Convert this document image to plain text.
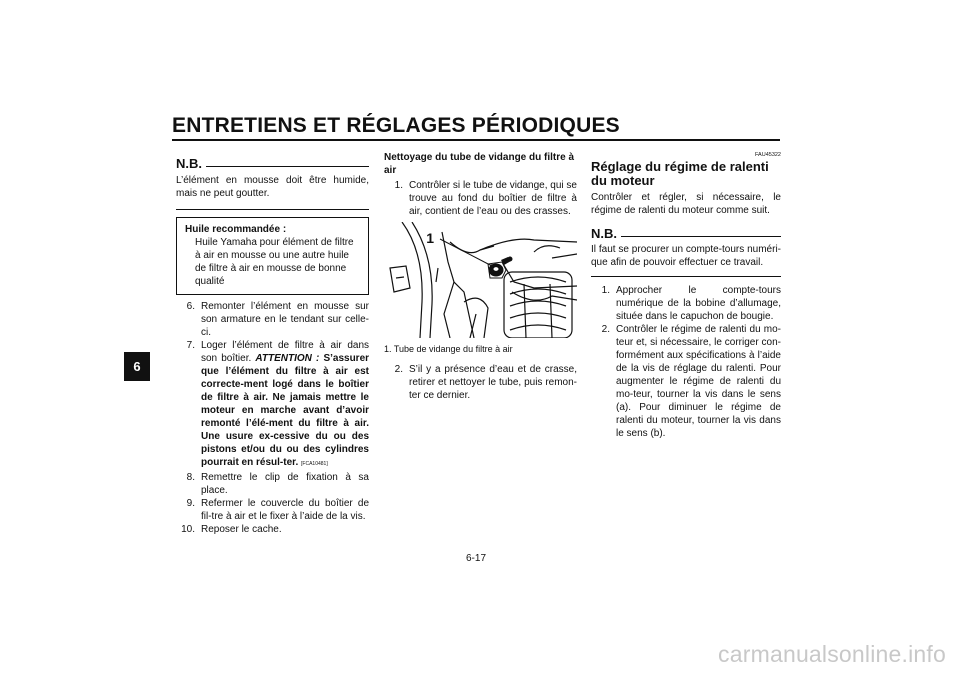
ENTRETIENS ET RÉGLAGES PÉRIODIQUES
6
N.B.
L’élément en mousse doit être humide, mais ne peut goutter.
Huile recommandée :
Huile Yamaha pour élément de filtre à air en mousse ou une autre huile de filtre à air en mousse de bonne qualité
6. Remonter l’élément en mousse sur son armature en le tendant sur celle-ci.
7. Loger l’élément de filtre à air dans son boîtier. ATTENTION : S’assurer que l’élément du filtre à air est correcte-ment logé dans le boîtier de filtre à air. Ne jamais mettre le moteur en marche avant d’avoir remonté l’élé-ment du filtre à air. Une usure ex-cessive du ou des pistons et/ou du ou des cylindres pourrait en résul-ter. [FCA10481]
8. Remettre le clip de fixation à sa place.
9. Refermer le couvercle du boîtier de fil-tre à air et le fixer à l’aide de la vis.
10. Reposer le cache.
Nettoyage du tube de vidange du filtre à air
1. Contrôler si le tube de vidange, qui se trouve au fond du boîtier de filtre à air, contient de l’eau ou des crasses.
1
1. Tube de vidange du filtre à air
2. S’il y a présence d’eau et de crasse, retirer et nettoyer le tube, puis remon-ter ce dernier.
FAU45322
Réglage du régime de ralenti du moteur
Contrôler et régler, si nécessaire, le régime de ralenti du moteur comme suit.
N.B.
Il faut se procurer un compte-tours numéri-que afin de pouvoir effectuer ce travail.
1. Approcher le compte-tours numérique de la bobine d’allumage, située dans le capuchon de bougie.
2. Contrôler le régime de ralenti du mo-teur et, si nécessaire, le corriger con-formément aux spécifications à l’aide de la vis de réglage du ralenti. Pour augmenter le régime de ralenti du mo-teur, tourner la vis dans le sens (a). Pour diminuer le régime de ralenti du moteur, tourner la vis dans le sens (b).
6-17
carmanualsonline.info
